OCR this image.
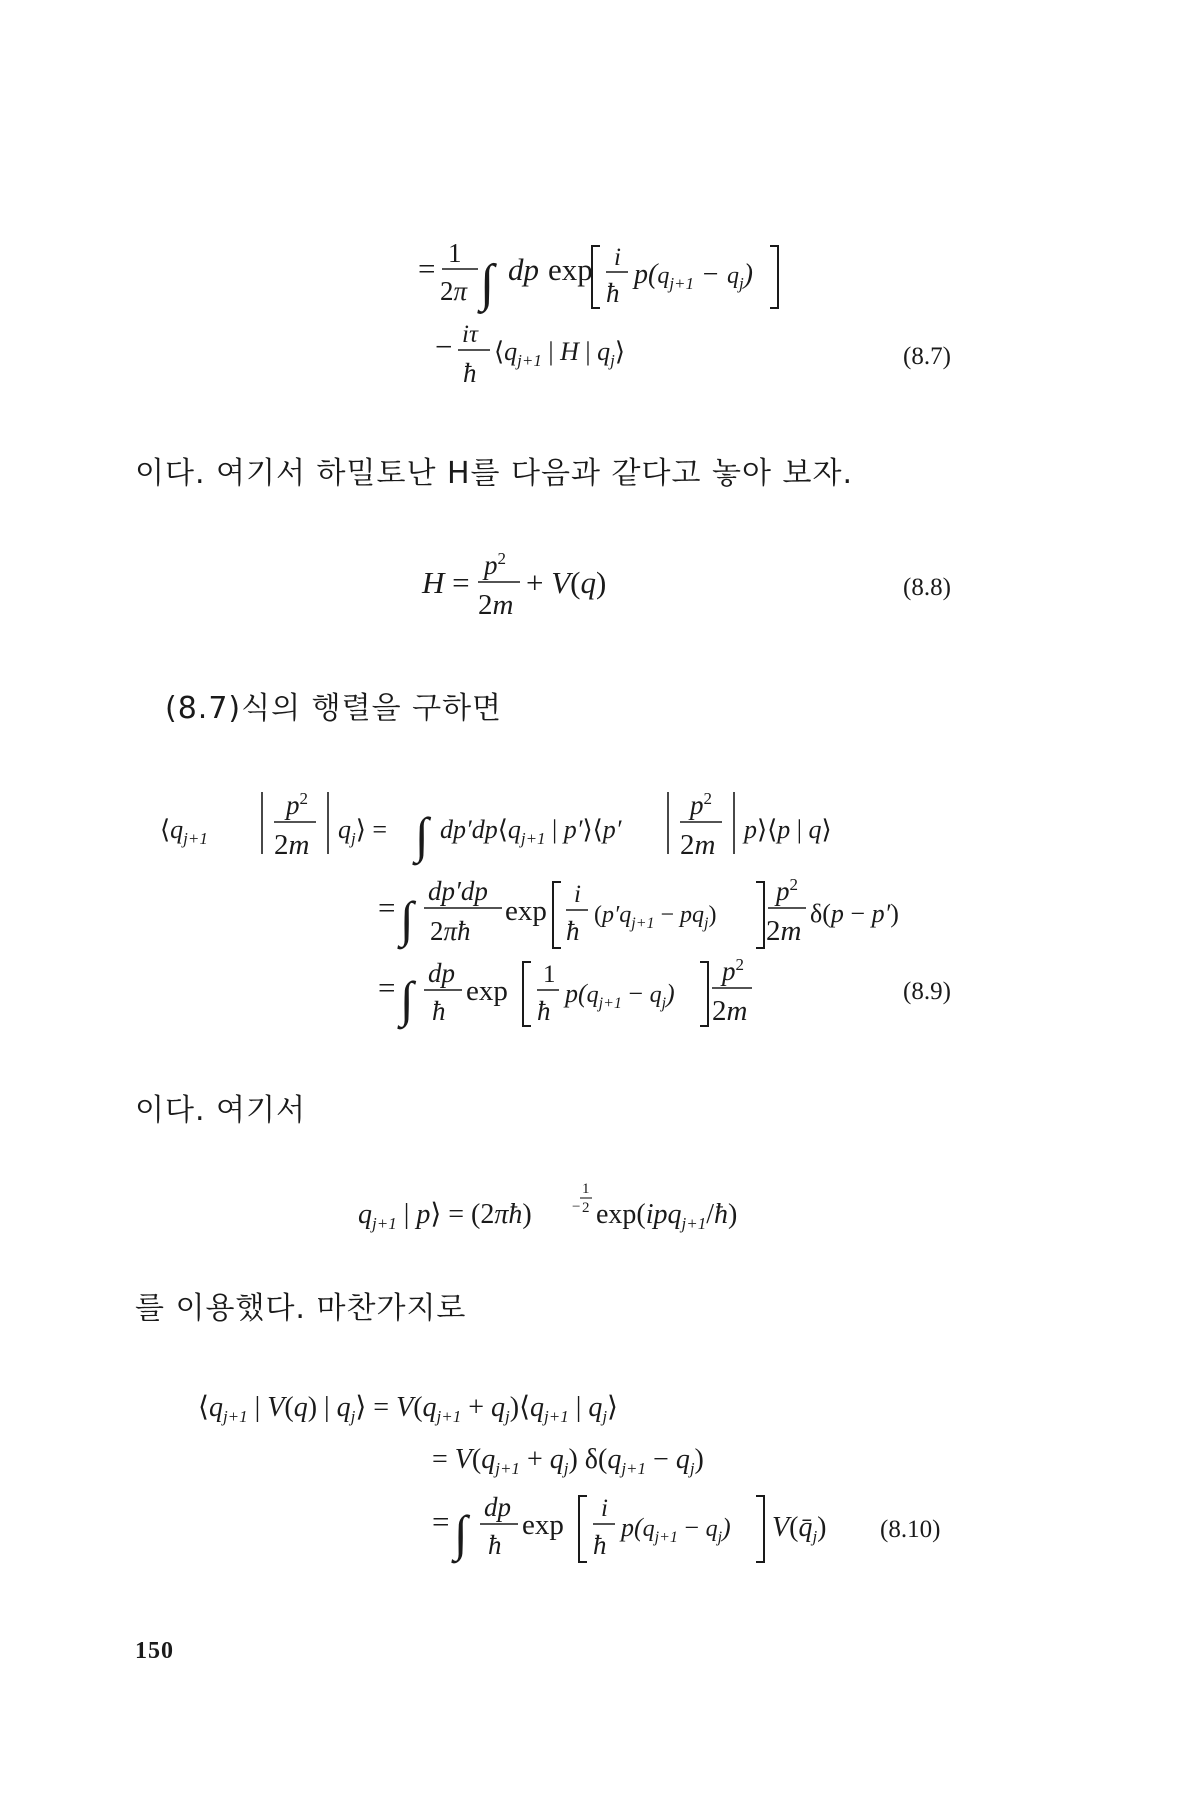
= 1
2π ∫ dp exp i
ħ
$p(q_{j+1} - q_j)$
− iτ
ħ
$⟨q_{j+1}$ | H | $q_j⟩$	(8.7)
이다. 여기서 하밀토난 H를 다음과 같다고 놓아 보자.
$H = p^2$
2m
+ V(q)	(8.8)
(8.7)식의 행렬을 구하면
$⟨q_{j+1}$
$p^2$
2m $q_j⟩$ = ∫ $dp'dp⟨q_{j+1}$ | p′⟩⟨p′
$p^2$
2m p⟩⟨p | q⟩
= ∫ dp′dp
2πħ
exp
i
ħ
$(p'q_{j+1} - pq_j)$
$p^2$
2m
δ(p − p′)
= ∫ dp
ħ
exp
1
ħ
$p(q_{j+1} - q_j)$
$p^2$
2m
(8.9)
이다. 여기서
$q_{j+1}$ | p⟩ = (2πħ)
1
− 2 exp(ipq$_{j+1}$/ħ)
를 이용했다. 마찬가지로
$⟨q_{j+1}$ | V(q) | $q_j⟩ = V(q_{j+1}$ + $q_j)⟨q_{j+1}$ | $q_j⟩$
= $V(q_{j+1} + q_j) \delta(q_{j+1} - q_j)$
= ∫ dp
ħ
exp
i
ħ
$p(q_{j+1} - q_j)$ $V(q̄_j)$ (8.10)
150
